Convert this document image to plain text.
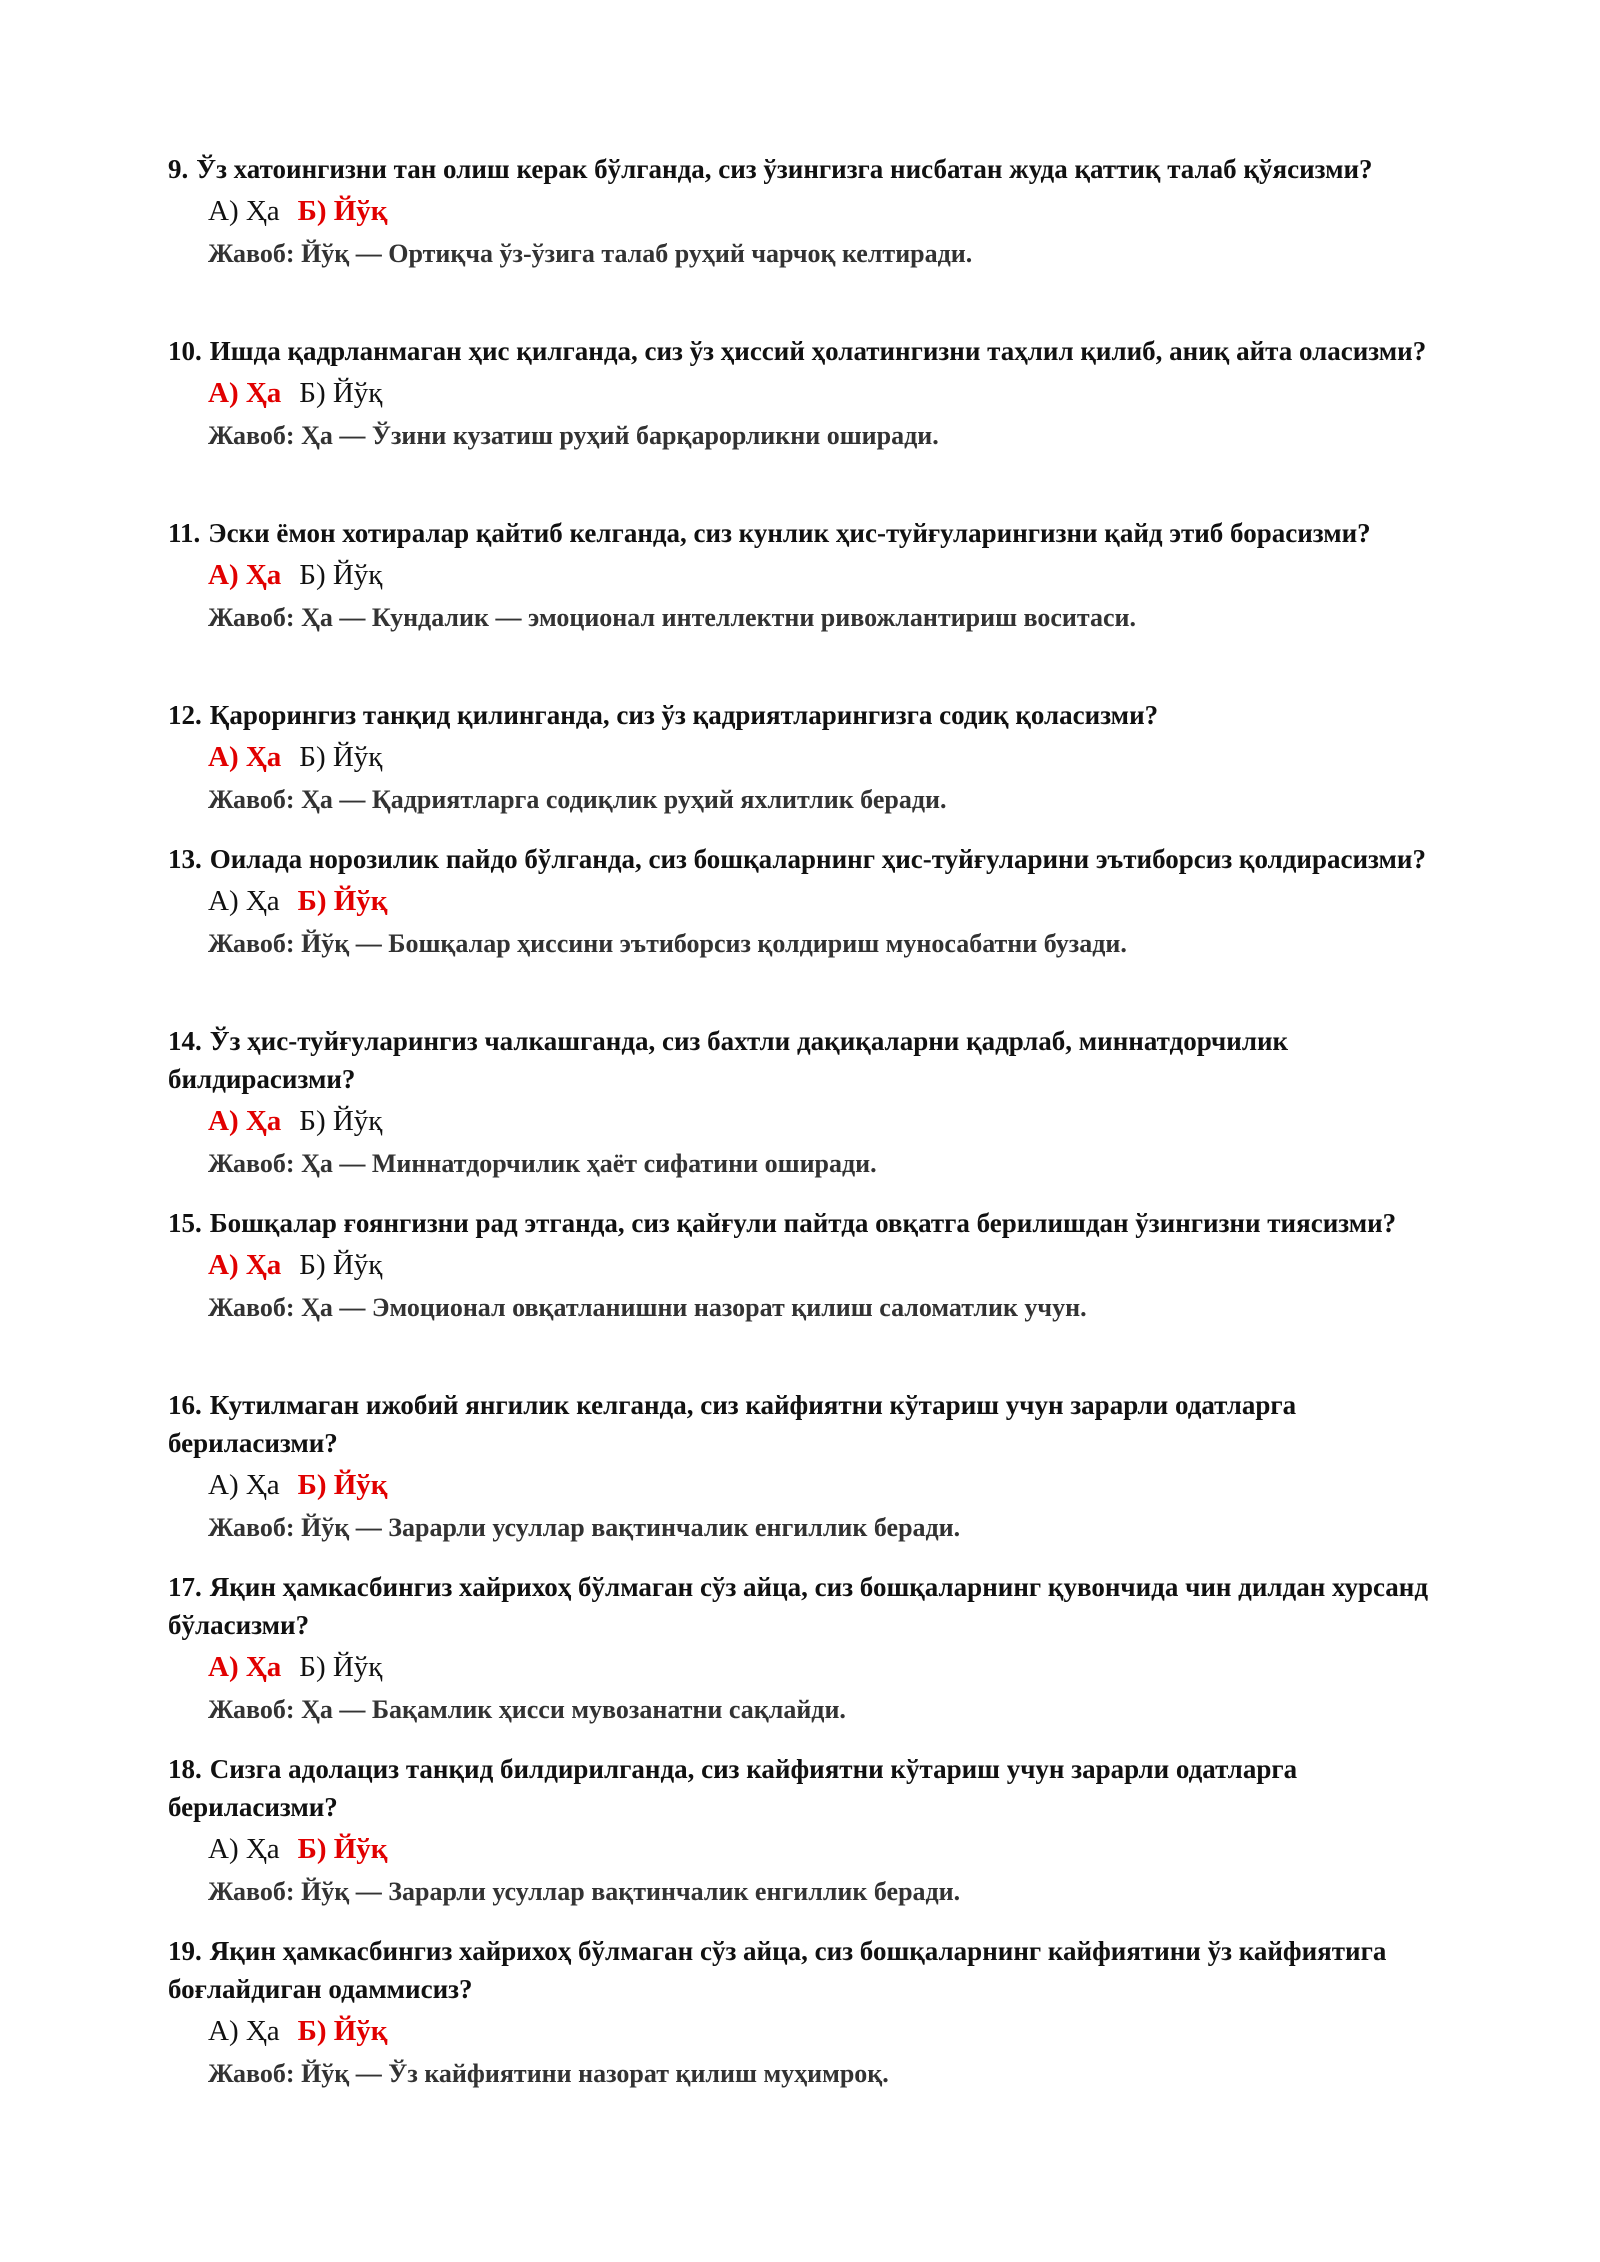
9. Ўз хатоингизни тан олиш керак бўлганда, сиз ўзингизга нисбатан жуда қаттиқ талаб қўясизми?

А) Ҳа Б) Йўқ
Жавоб: Йўқ — Ортиқча ўз-ўзига талаб руҳий чарчоқ келтиради.

10. Ишда қадрланмаган ҳис қилганда, сиз ўз ҳиссий ҳолатингизни таҳлил қилиб, аниқ айта оласизми?

А) Ҳа Б) Йўқ
Жавоб: Ҳа — Ўзини кузатиш руҳий барқарорликни оширади.

11. Эски ёмон хотиралар қайтиб келганда, сиз кунлик ҳис-туйғуларингизни қайд этиб борасизми?

А) Ҳа Б) Йўқ
Жавоб: Ҳа — Кундалик — эмоционал интеллектни ривожлантириш воситаси.

12. Қарорингиз танқид қилинганда, сиз ўз қадриятларингизга содиқ қоласизми?

А) Ҳа Б) Йўқ
Жавоб: Ҳа — Қадриятларга содиқлик руҳий яхлитлик беради.

13. Оилада норозилик пайдо бўлганда, сиз бошқаларнинг ҳис-туйғуларини эътиборсиз қолдирасизми?

А) Ҳа Б) Йўқ
Жавоб: Йўқ — Бошқалар ҳиссини эътиборсиз қолдириш муносабатни бузади.

14. Ўз ҳис-туйғуларингиз чалкашганда, сиз бахтли дақиқаларни қадрлаб, миннатдорчилик билдирасизми?

А) Ҳа Б) Йўқ
Жавоб: Ҳа — Миннатдорчилик ҳаёт сифатини оширади.

15. Бошқалар ғоянгизни рад этганда, сиз қайғули пайтда овқатга берилишдан ўзингизни тиясизми?

А) Ҳа Б) Йўқ
Жавоб: Ҳа — Эмоционал овқатланишни назорат қилиш саломатлик учун.

16. Кутилмаган ижобий янгилик келганда, сиз кайфиятни кўтариш учун зарарли одатларга бериласизми?

А) Ҳа Б) Йўқ
Жавоб: Йўқ — Зарарли усуллар вақтинчалик енгиллик беради.

17. Яқин ҳамкасбингиз хайрихоҳ бўлмаган сўз айца, сиз бошқаларнинг қувончида чин дилдан хурсанд бўласизми?

А) Ҳа Б) Йўқ
Жавоб: Ҳа — Бақамлик ҳисси мувозанатни сақлайди.

18. Сизга адолациз танқид билдирилганда, сиз кайфиятни кўтариш учун зарарли одатларга бериласизми?

А) Ҳа Б) Йўқ
Жавоб: Йўқ — Зарарли усуллар вақтинчалик енгиллик беради.

19. Яқин ҳамкасбингиз хайрихоҳ бўлмаган сўз айца, сиз бошқаларнинг кайфиятини ўз кайфиятига боғлайдиган одаммисиз?

А) Ҳа Б) Йўқ
Жавоб: Йўқ — Ўз кайфиятини назорат қилиш муҳимроқ.
